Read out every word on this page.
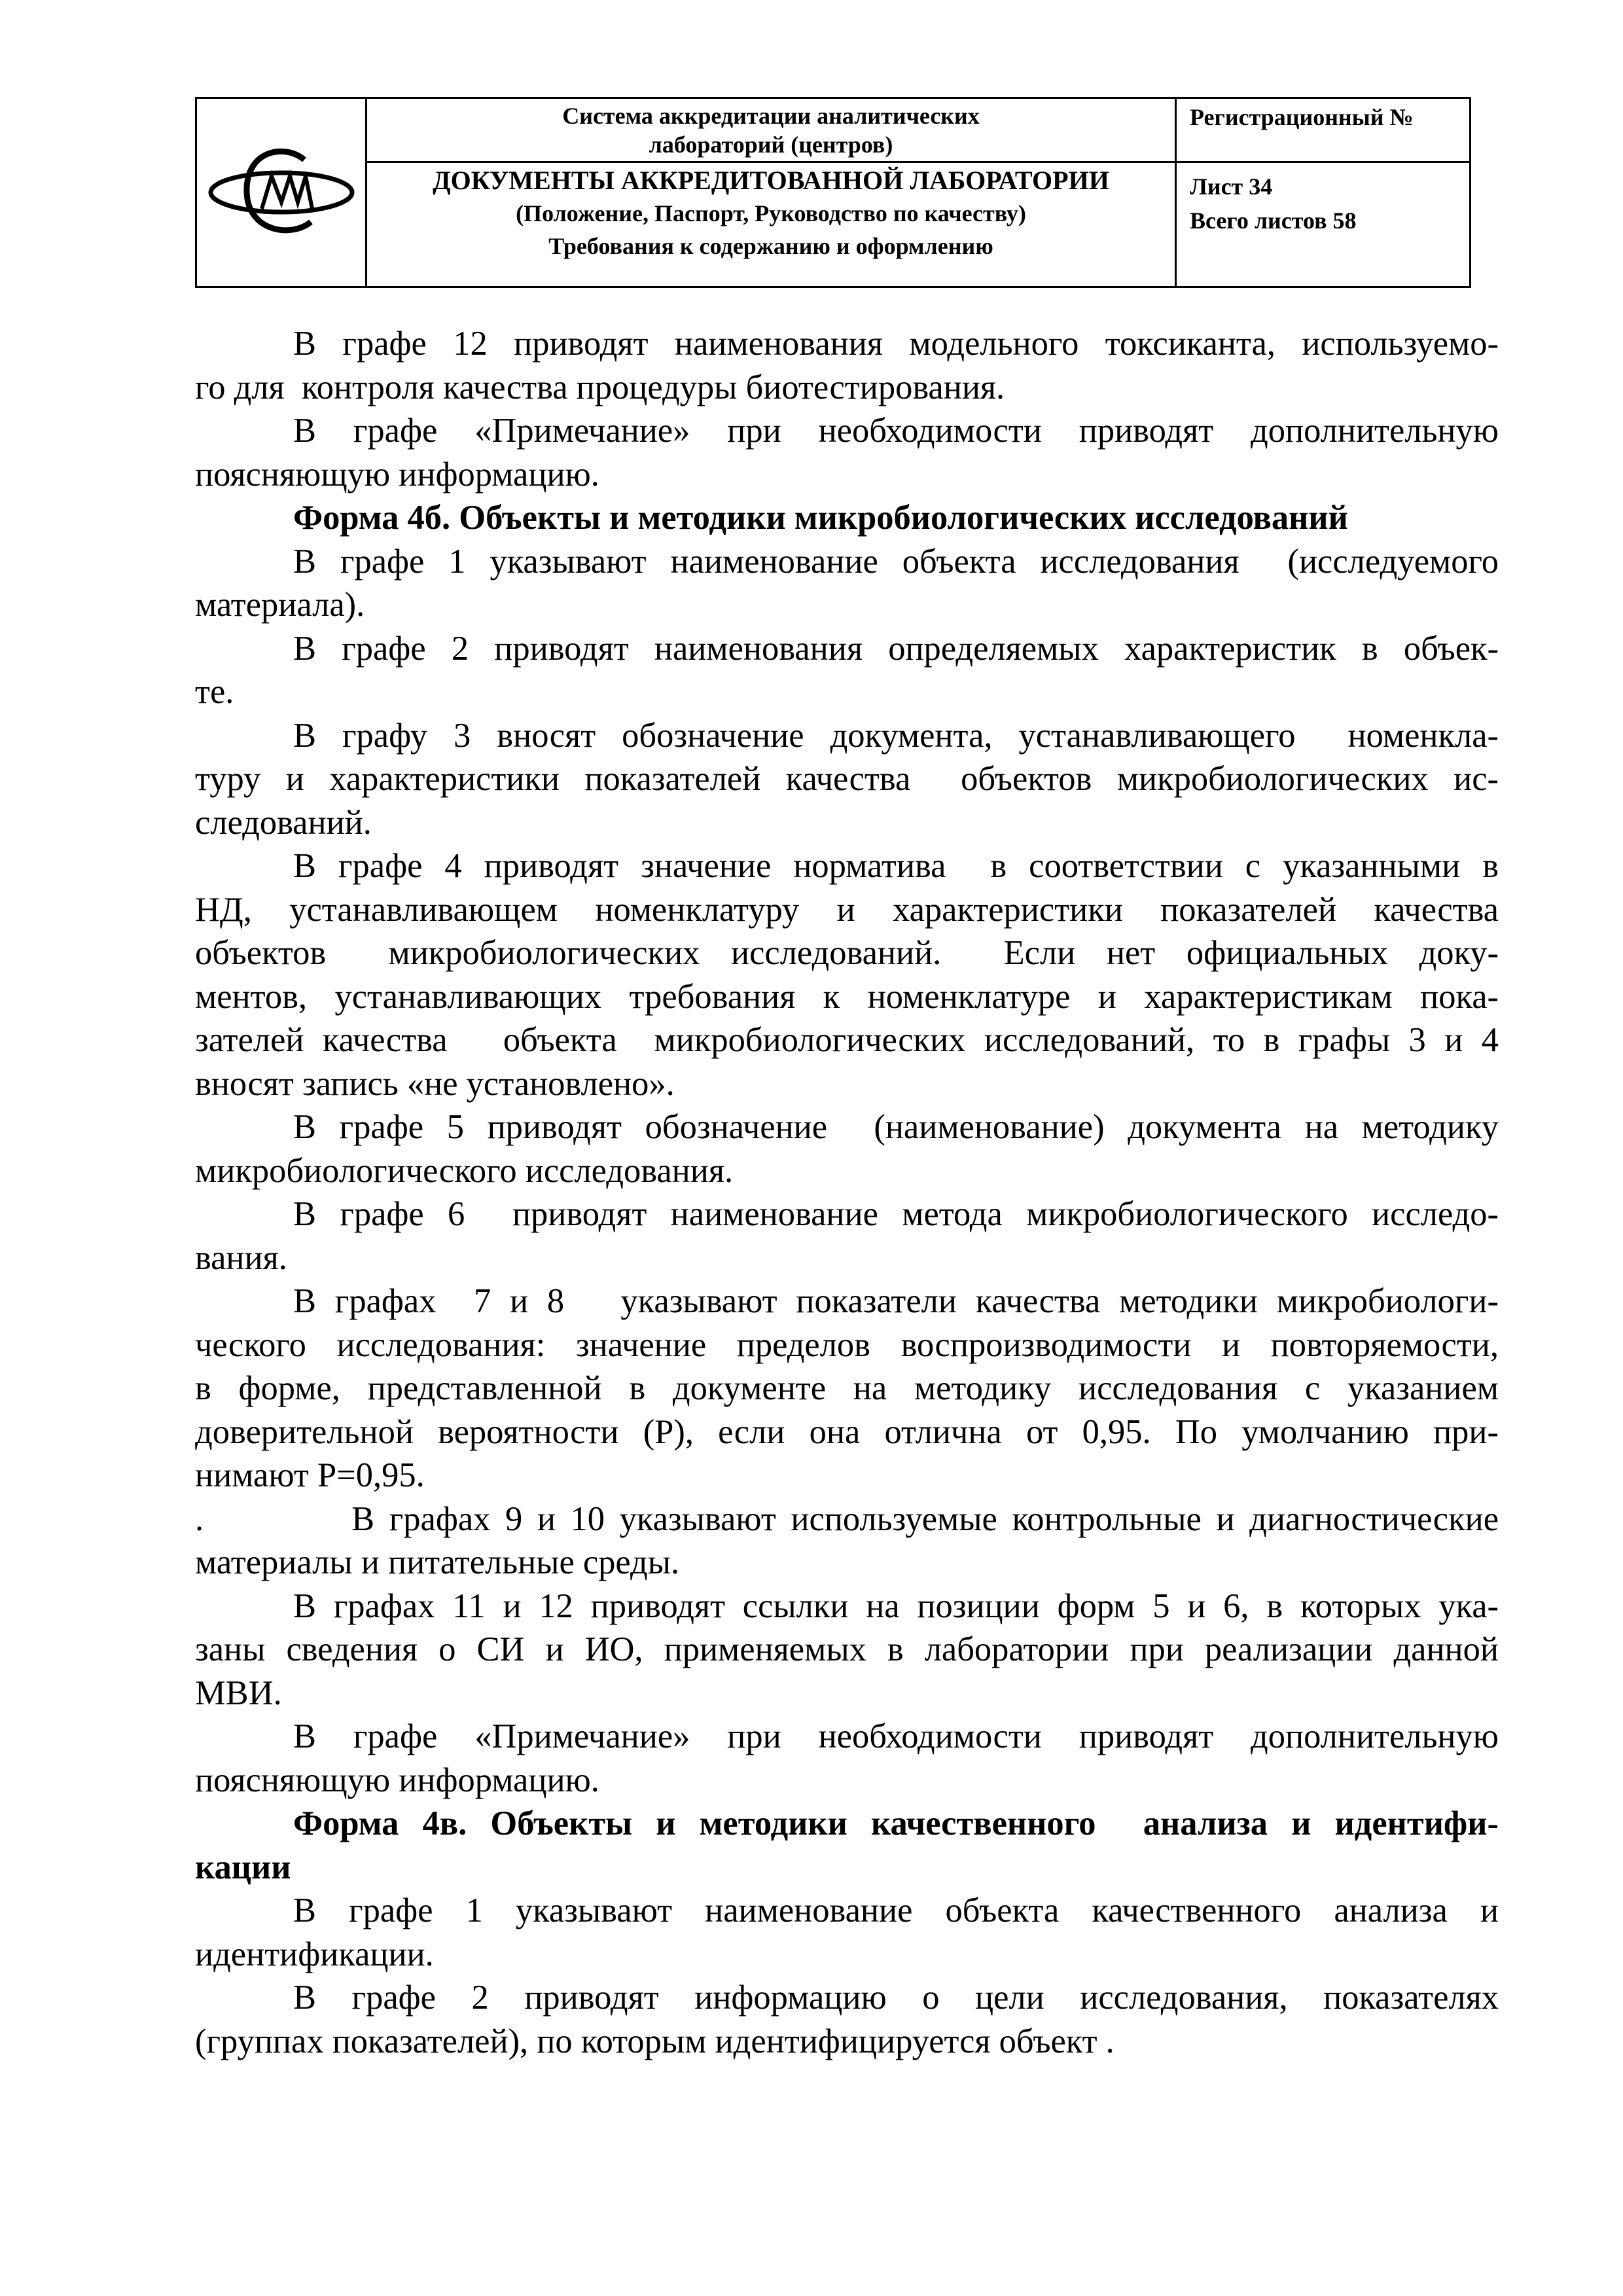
Система аккредитации аналитических
лабораторий (центров)
ДОКУМЕНТЫ АККРЕДИТОВАННОЙ ЛАБОРАТОРИИ
(Положение, Паспорт, Руководство по качеству)
Требования к содержанию и оформлению
Регистрационный №
Лист 34
Всего листов 58
В графе 12 приводят наименования модельного токсиканта, используемо-
го для  контроля качества процедуры биотестирования.
В графе «Примечание» при необходимости приводят дополнительную
поясняющую информацию.
Форма 4б. Объекты и методики микробиологических исследований
В графе 1 указывают наименование объекта исследования  (исследуемого
материала).
В графе 2 приводят наименования определяемых характеристик в объек-
те.
В графу 3 вносят обозначение документа, устанавливающего  номенкла-
туру и характеристики показателей качества  объектов микробиологических ис-
следований.
В графе 4 приводят значение норматива  в соответствии с указанными в
НД, устанавливающем номенклатуру и характеристики показателей качества
объектов  микробиологических исследований.  Если нет официальных доку-
ментов, устанавливающих требования к номенклатуре и характеристикам пока-
зателей качества   объекта  микробиологических исследований, то в графы 3 и 4
вносят запись «не установлено».
В графе 5 приводят обозначение  (наименование) документа на методику
микробиологического исследования.
В графе 6  приводят наименование метода микробиологического исследо-
вания.
В графах  7 и 8   указывают показатели качества методики микробиологи-
ческого исследования: значение пределов воспроизводимости и повторяемости,
в форме, представленной в документе на методику исследования с указанием
доверительной вероятности (Р), если она отлична от 0,95. По умолчанию при-
нимают Р=0,95.
.          В графах 9 и 10 указывают используемые контрольные и диагностические
материалы и питательные среды.
В графах 11 и 12 приводят ссылки на позиции форм 5 и 6, в которых ука-
заны сведения о СИ и ИО, применяемых в лаборатории при реализации данной
МВИ.
В графе «Примечание» при необходимости приводят дополнительную
поясняющую информацию.
Форма 4в. Объекты и методики качественного  анализа и идентифи-
кации
В графе 1 указывают наименование объекта качественного анализа и
идентификации.
В графе 2 приводят информацию о цели исследования, показателях
(группах показателей), по которым идентифицируется объект .
